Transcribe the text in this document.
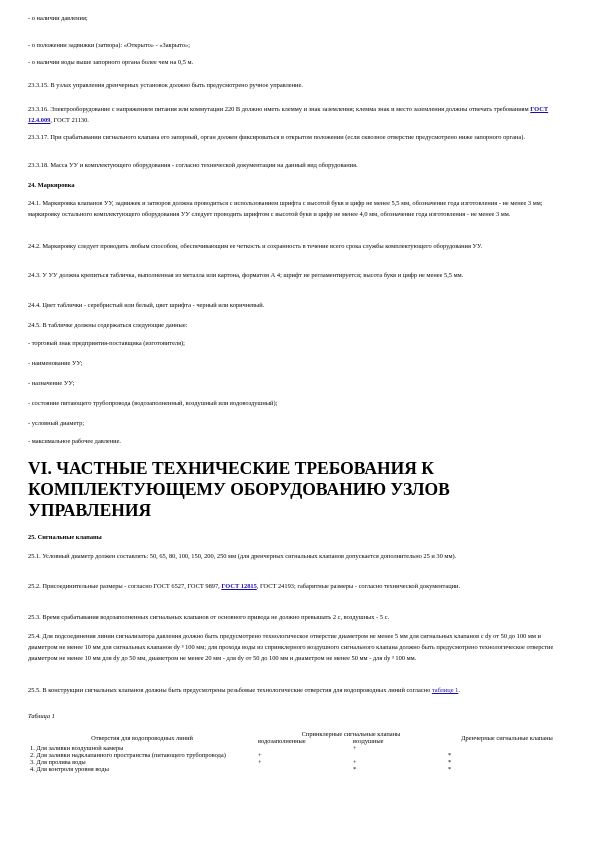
- о наличии давления;

- о положении задвижки (затвора): «Открыто» - «Закрыто»;

- о наличии воды выше запорного органа более чем на 0,5 м.

23.3.15. В узлах управления дренчерных установок должно быть предусмотрено ручное управление.

23.3.16. Электрооборудование с напряжением питания или коммутации 220 В должно иметь клемму и знак заземления; клемма знак и место заземления должны отвечать требованиям ГОСТ 12.4.009, ГОСТ 21130.

23.3.17. При срабатывании сигнального клапана его запорный, орган должен фиксироваться в открытом положении (если сквозное отверстие предусмотрено ниже запорного органа).

23.3.18. Масса УУ и комплектующего оборудования - согласно технической документации на данный вид оборудования.

24. Маркировка

24.1. Маркировка клапанов УУ, задвижек и затворов должна проводиться с использованием шрифта с высотой букв и цифр не менее 5,5 мм, обозначение года изготовления - не менее 3 мм; маркировку остального комплектующего оборудования УУ следует проводить шрифтом с высотой букв и цифр не менее 4,0 мм, обозначение года изготовления - не менее 3 мм.

24.2. Маркировку следует проводить любым способом, обеспечивающим ее четкость и сохранность в течение всего срока службы комплектующего оборудования УУ.

24.3. У УУ должна крепиться табличка, выполненная из металла или картона, форматом А 4; шрифт не регламентируется; высота букв и цифр не менее 5,5 мм.

24.4. Цвет таблички - серебристый или белый, цвет шрифта - черный или коричневый.

24.5. В табличке должны содержаться следующие данные:

- торговый знак предприятия-поставщика (изготовителя);

- наименование УУ;

- назначение УУ;

- состояние питающего трубопровода (водозаполненный, воздушный или водовоздушный);

- условный диаметр;

- максимальное рабочее давление.

VI. ЧАСТНЫЕ ТЕХНИЧЕСКИЕ ТРЕБОВАНИЯ К КОМПЛЕКТУЮЩЕМУ ОБОРУДОВАНИЮ УЗЛОВ УПРАВЛЕНИЯ

25. Сигнальные клапаны

25.1. Условный диаметр должен составлять: 50, 65, 80, 100, 150, 200, 250 мм (для дренчерных сигнальных клапанов допускается дополнительно 25 и 30 мм).

25.2. Присоединительные размеры - согласно ГОСТ 6527, ГОСТ 9897, ГОСТ 12815, ГОСТ 24193; габаритные размеры - согласно технической документации.

25.3. Время срабатывания водозаполненных сигнальных клапанов от основного привода не должно превышать 2 с, воздушных - 5 с.

25.4. Для подсоединения линии сигнализатора давления должно быть предусмотрено технологическое отверстие диаметром не менее 5 мм для сигнальных клапанов с dу от 50 до 100 мм и диаметром не менее 10 мм для сигнальных клапанов dу ³ 100 мм; для прохода воды из спринклерного воздушного сигнального клапана должно быть предусмотрено технологическое отверстие диаметром не менее 10 мм для dу до 50 мм, диаметром не менее 20 мм - для dу от 50 до 100 мм и диаметром не менее 50 мм - для dу ³ 100 мм.

25.5. В конструкции сигнальных клапанов должны быть предусмотрены резьбовые технологические отверстия для водопроводных линий согласно таблице 1.

Таблица 1
Отверстия для водопроводных линий	Спринклерные сигнальные клапаны		Дренчерные сигнальные клапаны
	водозаполненные	воздушные	
1. Для заливки воздушной камеры		+	
2. Для заливки надклапанного пространства (питающего трубопровода)	+		*
3. Для пролива воды	+	+	*
4. Для контроля уровня воды		*	*
